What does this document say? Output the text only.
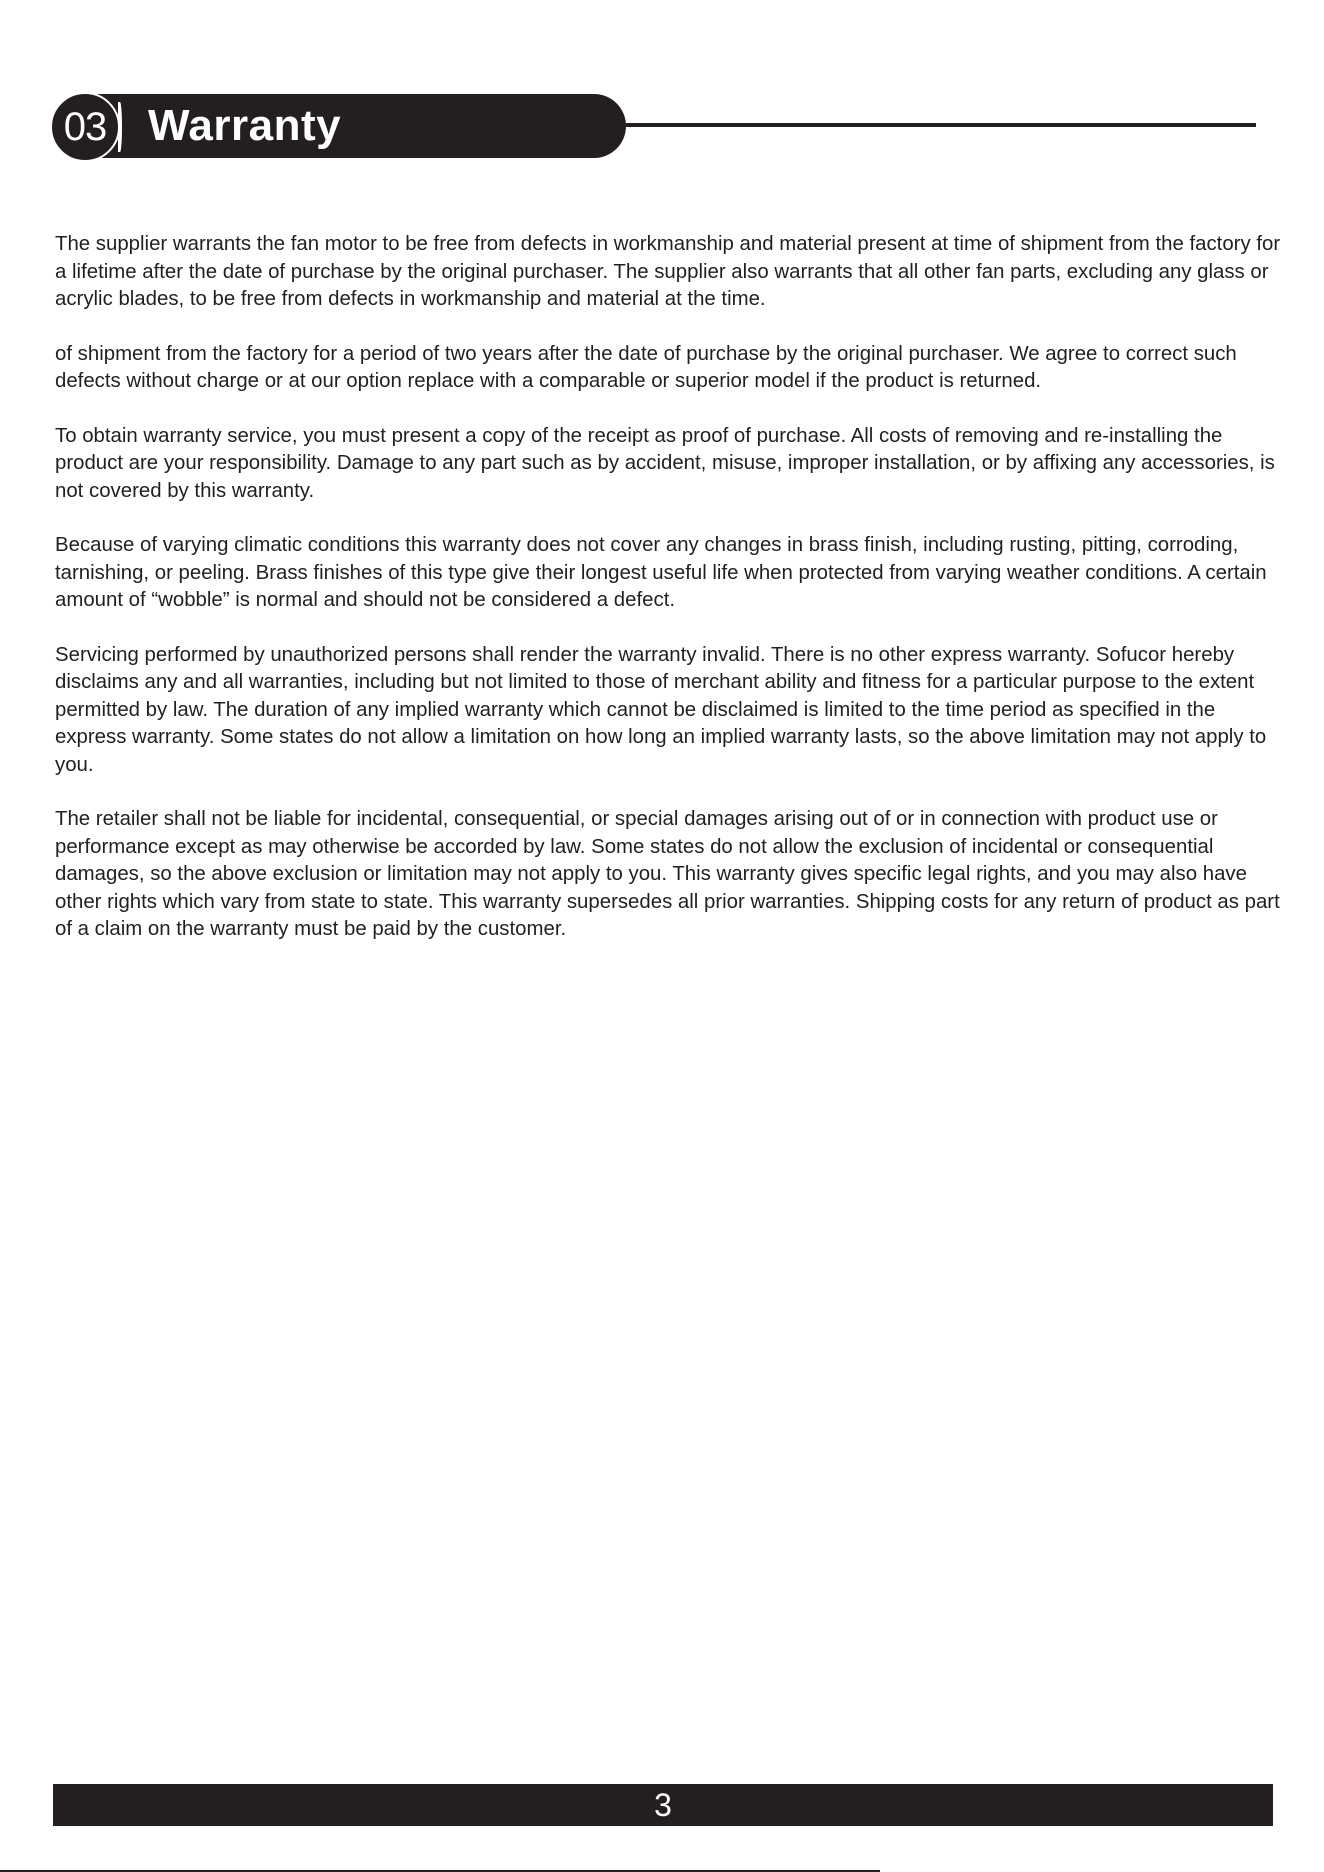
03 Warranty

The supplier warrants the fan motor to be free from defects in workmanship and material present at time of shipment from the factory for a lifetime after the date of purchase by the original purchaser. The supplier also warrants that all other fan parts, excluding any glass or acrylic blades, to be free from defects in workmanship and material at the time.

of shipment from the factory for a period of two years after the date of purchase by the original purchaser. We agree to correct such defects without charge or at our option replace with a comparable or superior model if the product is returned.

To obtain warranty service, you must present a copy of the receipt as proof of purchase. All costs of removing and re-installing the product are your responsibility. Damage to any part such as by accident, misuse, improper installation, or by affixing any accessories, is not covered by this warranty.

Because of varying climatic conditions this warranty does not cover any changes in brass finish, including rusting, pitting, corroding, tarnishing, or peeling. Brass finishes of this type give their longest useful life when protected from varying weather conditions. A certain amount of “wobble” is normal and should not be considered a defect.

Servicing performed by unauthorized persons shall render the warranty invalid. There is no other express warranty. Sofucor hereby disclaims any and all warranties, including but not limited to those of merchant ability and fitness for a particular purpose to the extent permitted by law. The duration of any implied warranty which cannot be disclaimed is limited to the time period as specified in the express warranty. Some states do not allow a limitation on how long an implied warranty lasts, so the above limitation may not apply to you.

The retailer shall not be liable for incidental, consequential, or special damages arising out of or in connection with product use or performance except as may otherwise be accorded by law. Some states do not allow the exclusion of incidental or consequential damages, so the above exclusion or limitation may not apply to you. This warranty gives specific legal rights, and you may also have other rights which vary from state to state. This warranty supersedes all prior warranties. Shipping costs for any return of product as part of a claim on the warranty must be paid by the customer.

3
